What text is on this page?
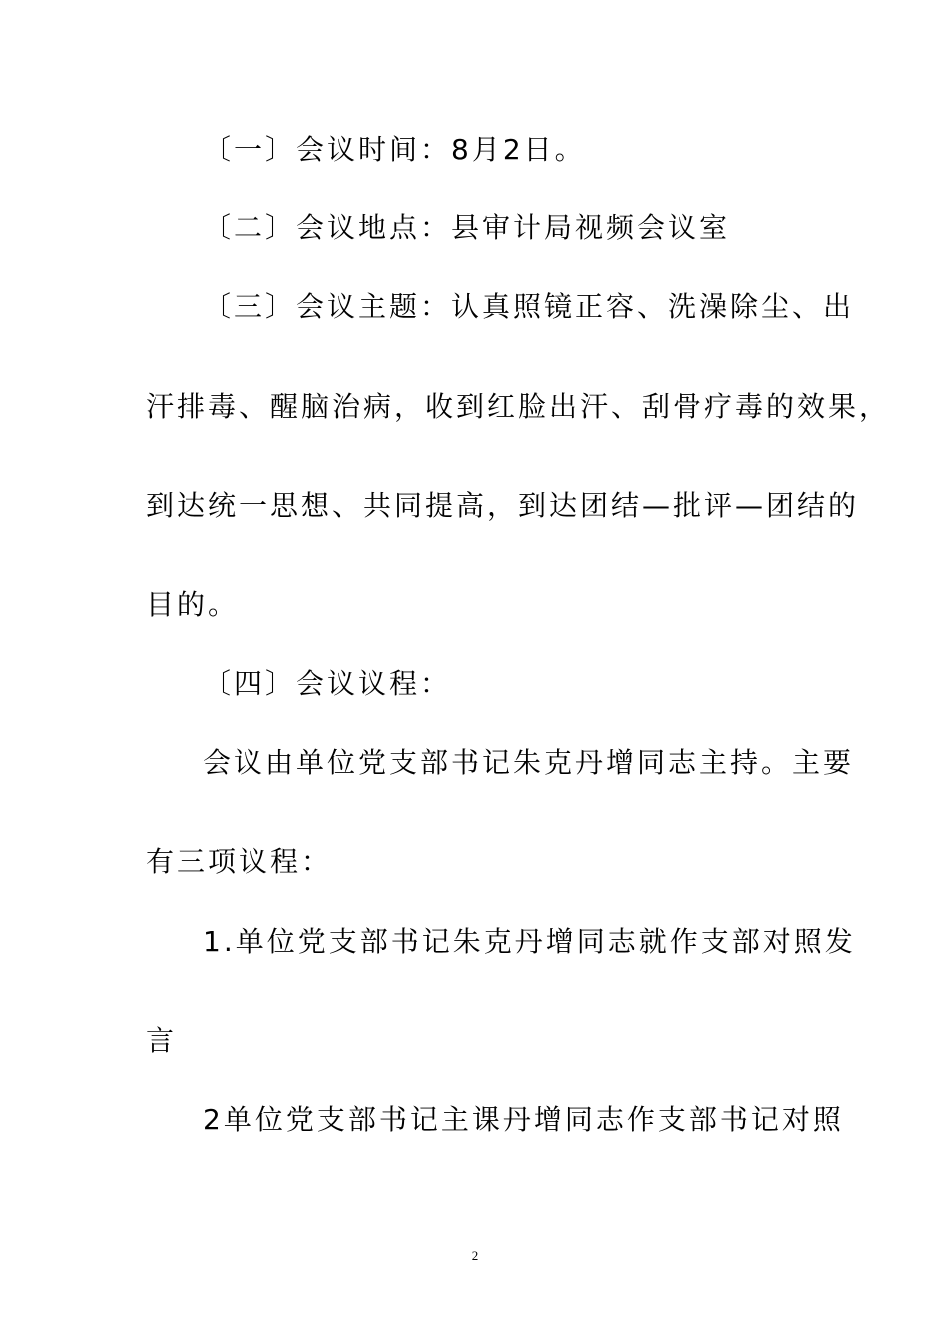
〔一〕会议时间：8月2日。
〔二〕会议地点：县审计局视频会议室
〔三〕会议主题：认真照镜正容、洗澡除尘、出
汗排毒、醒脑治病，收到红脸出汗、刮骨疗毒的效果，
到达统一思想、共同提高，到达团结—批评—团结的
目的。
〔四〕会议议程：
会议由单位党支部书记朱克丹增同志主持。主要
有三项议程：
1.单位党支部书记朱克丹增同志就作支部对照发
言
2单位党支部书记主课丹增同志作支部书记对照
2
